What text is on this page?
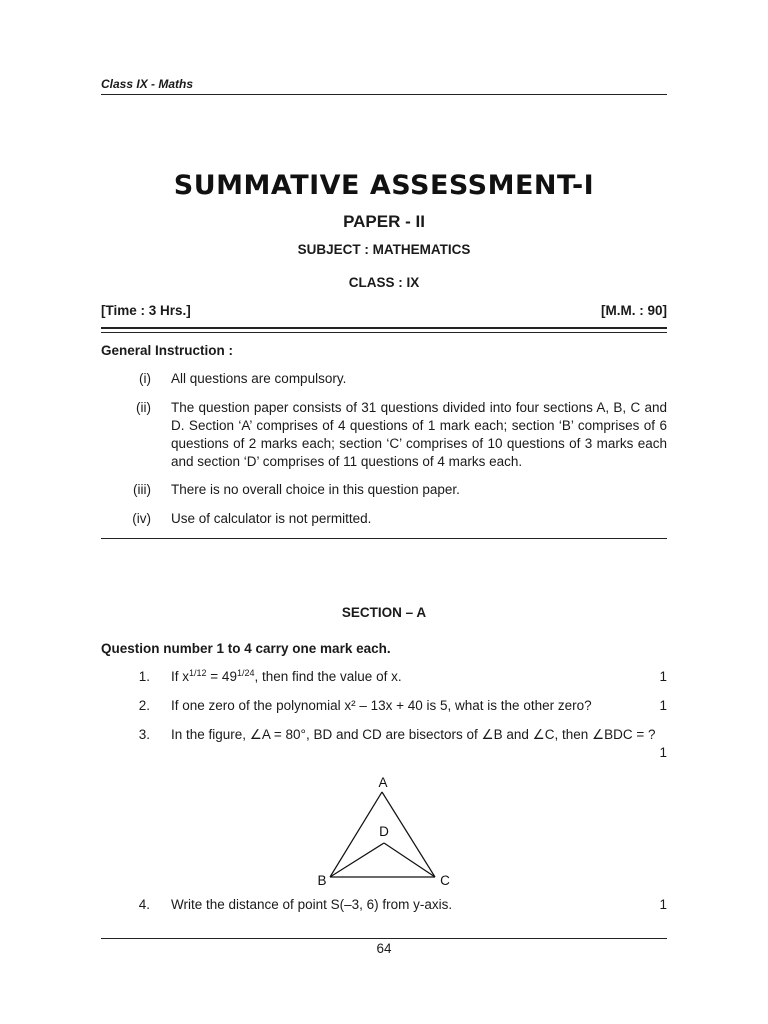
Class IX - Maths
SUMMATIVE ASSESSMENT-I
PAPER - II
SUBJECT : MATHEMATICS
CLASS : IX
[Time : 3 Hrs.]	[M.M. : 90]
General Instruction :
(i) All questions are compulsory.
(ii) The question paper consists of 31 questions divided into four sections A, B, C and D. Section ‘A’ comprises of 4 questions of 1 mark each; section ‘B’ comprises of 6 questions of 2 marks each; section ‘C’ comprises of 10 questions of 3 marks each and section ‘D’ comprises of 11 questions of 4 marks each.
(iii) There is no overall choice in this question paper.
(iv) Use of calculator is not permitted.
SECTION – A
Question number 1 to 4 carry one mark each.
1. If $x^{1/12} = 49^{1/24}$, then find the value of x.	1
2. If one zero of the polynomial x² – 13x + 40 is 5, what is the other zero?	1
3. In the figure, ∠A = 80°, BD and CD are bisectors of ∠B and ∠C, then ∠BDC = ?
1
A
D
B	C
4. Write the distance of point S(–3, 6) from y-axis.	1
64
